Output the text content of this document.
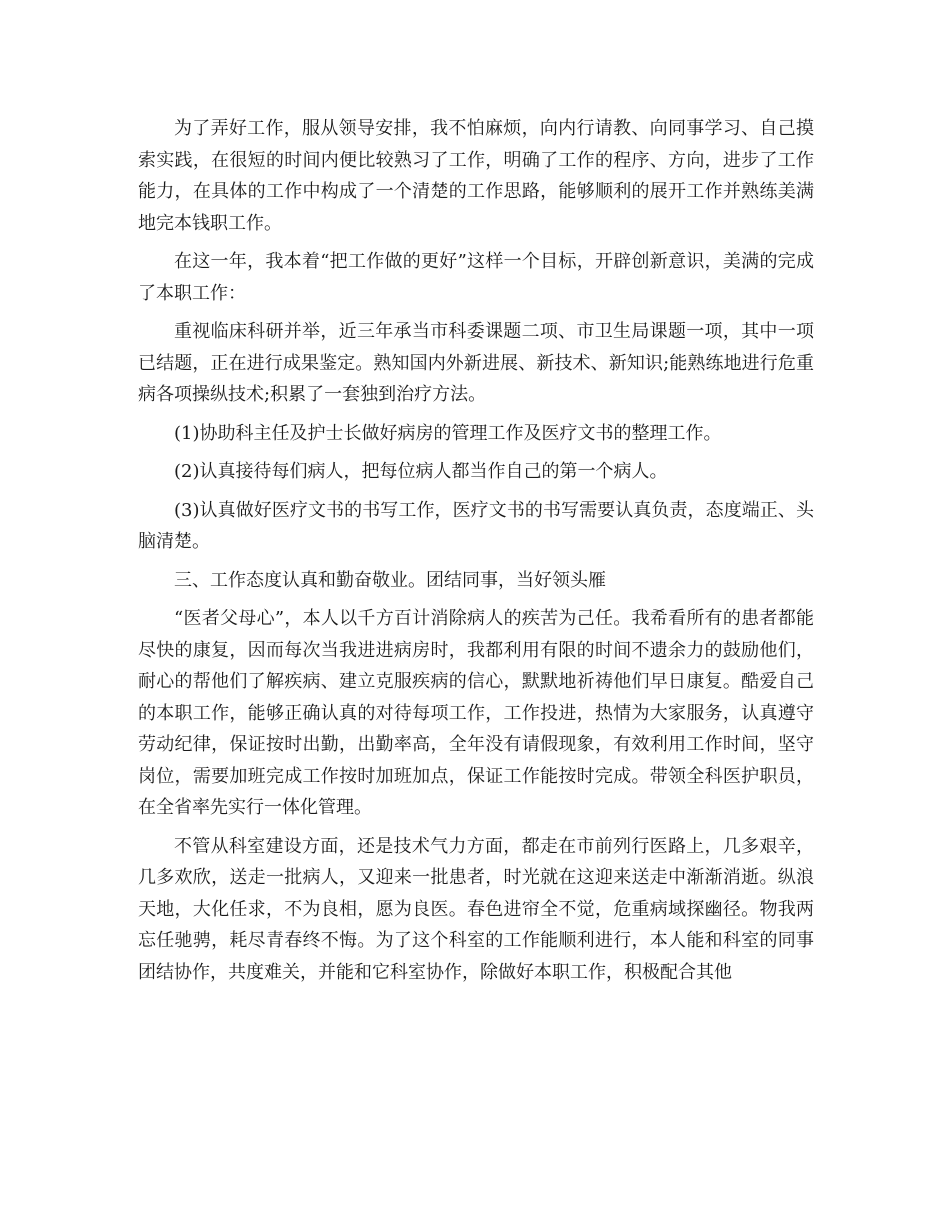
为了弄好工作，服从领导安排，我不怕麻烦，向内行请教、向同事学习、自己摸索实践，在很短的时间内便比较熟习了工作，明确了工作的程序、方向，进步了工作能力，在具体的工作中构成了一个清楚的工作思路，能够顺利的展开工作并熟练美满地完本钱职工作。

在这一年，我本着“把工作做的更好”这样一个目标，开辟创新意识，美满的完成了本职工作：

重视临床科研并举，近三年承当市科委课题二项、市卫生局课题一项，其中一项已结题，正在进行成果鉴定。熟知国内外新进展、新技术、新知识;能熟练地进行危重病各项操纵技术;积累了一套独到治疗方法。

(1)协助科主任及护士长做好病房的管理工作及医疗文书的整理工作。

(2)认真接待每们病人，把每位病人都当作自己的第一个病人。

(3)认真做好医疗文书的书写工作，医疗文书的书写需要认真负责，态度端正、头脑清楚。

三、工作态度认真和勤奋敬业。团结同事，当好领头雁

“医者父母心”，本人以千方百计消除病人的疾苦为己任。我希看所有的患者都能尽快的康复，因而每次当我进进病房时，我都利用有限的时间不遗余力的鼓励他们，耐心的帮他们了解疾病、建立克服疾病的信心，默默地祈祷他们早日康复。酷爱自己的本职工作，能够正确认真的对待每项工作，工作投进，热情为大家服务，认真遵守劳动纪律，保证按时出勤，出勤率高，全年没有请假现象，有效利用工作时间，坚守岗位，需要加班完成工作按时加班加点，保证工作能按时完成。带领全科医护职员，在全省率先实行一体化管理。

不管从科室建设方面，还是技术气力方面，都走在市前列行医路上，几多艰辛，几多欢欣，送走一批病人，又迎来一批患者，时光就在这迎来送走中渐渐消逝。纵浪天地，大化任求，不为良相，愿为良医。春色进帘全不觉，危重病域探幽径。物我两忘任驰骋，耗尽青春终不悔。为了这个科室的工作能顺利进行，本人能和科室的同事团结协作，共度难关，并能和它科室协作，除做好本职工作，积极配合其他
